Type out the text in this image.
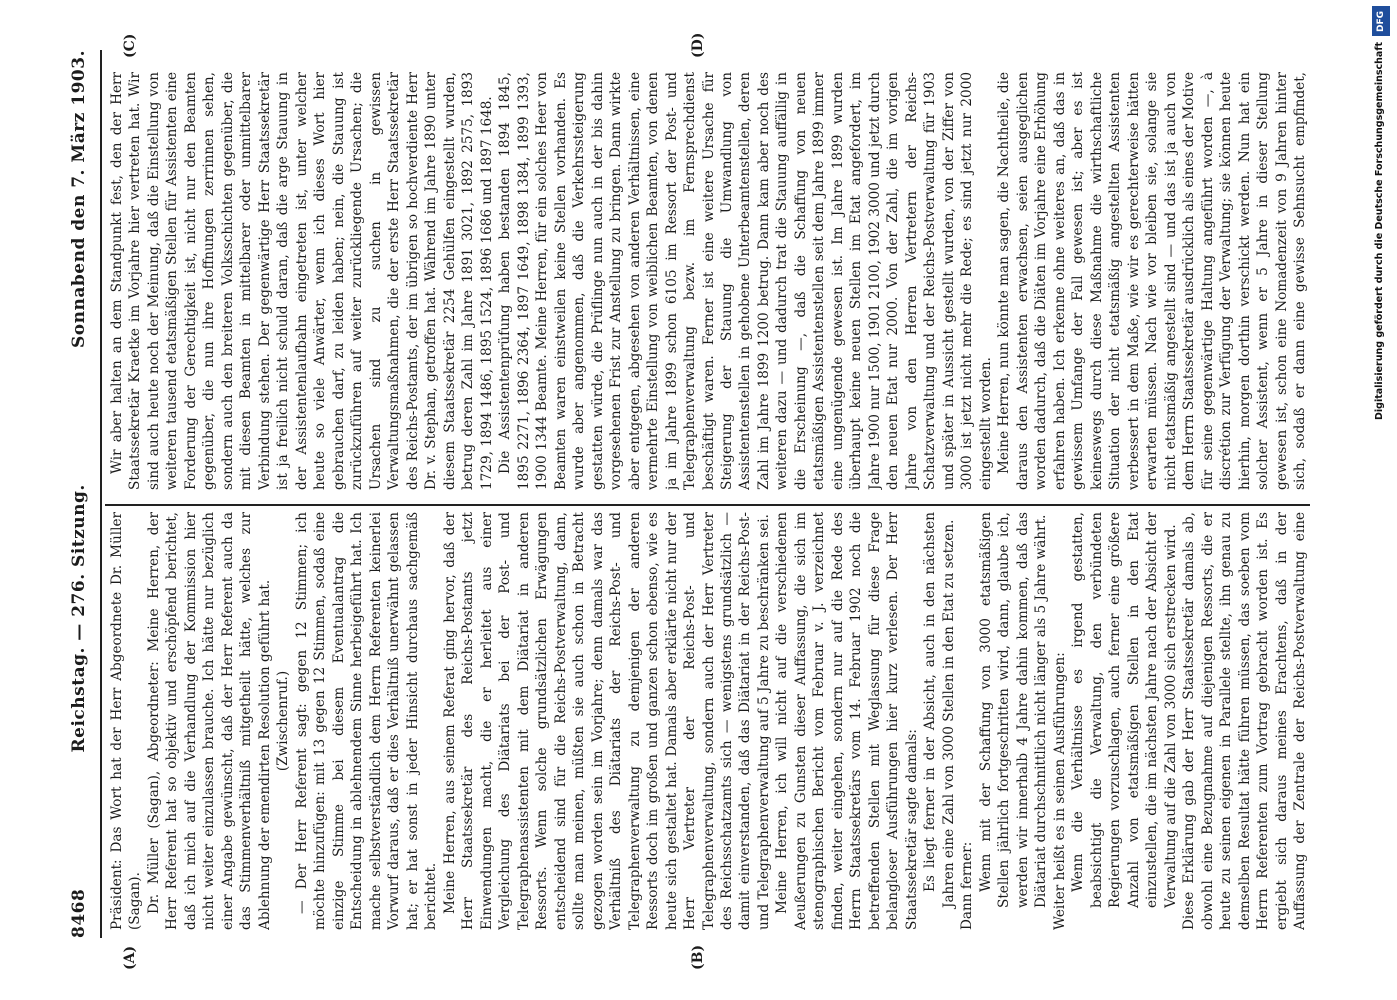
8468
Reichstag. — 276. Sitzung.
Sonnabend den 7. März 1903.
(A)	(B)
(C)	(D)

Präsident: Das Wort hat der Herr Abgeordnete Dr. Müller (Sagan). Dr. Müller (Sagan), Abgeordneter: Meine Herren, der Herr Referent hat so objektiv und erschöpfend berichtet, daß ich mich auf die Verhandlung der Kommission hier nicht weiter einzulassen brauche. Ich hätte nur bezüglich einer Angabe gewünscht, daß der Herr Referent auch da das Stimmenverhältniß mitgetheilt hätte, welches zur Ablehnung der emendirten Resolution geführt hat. (Zwischenruf.) — Der Herr Referent sagt: gegen 12 Stimmen; ich möchte hinzufügen: mit 13 gegen 12 Stimmen, sodaß eine einzige Stimme bei diesem Eventualantrag die Entscheidung in ablehnendem Sinne herbeigeführt hat. Ich mache selbstverständlich dem Herrn Referenten keinerlei Vorwurf daraus, daß er dies Verhältniß unerwähnt gelassen hat; er hat sonst in jeder Hinsicht durchaus sachgemäß berichtet. Meine Herren, aus seinem Referat ging hervor, daß der Herr Staatssekretär des Reichs-Postamts jetzt Einwendungen macht, die er herleitet aus einer Vergleichung des Diätariats bei der Post- und Telegraphenassistenten mit dem Diätariat in anderen Ressorts. Wenn solche grundsätzlichen Erwägungen entscheidend sind für die Reichs-Postverwaltung, dann, sollte man meinen, müßten sie auch schon in Betracht gezogen worden sein im Vorjahre; denn damals war das Verhältniß des Diätariats der Reichs-Post- und Telegraphenverwaltung zu demjenigen der anderen Ressorts doch im großen und ganzen schon ebenso, wie es heute sich gestaltet hat. Damals aber erklärte nicht nur der Herr Vertreter der Reichs-Post- und Telegraphenverwaltung, sondern auch der Herr Vertreter des Reichsschatzamts sich — wenigstens grundsätzlich — damit einverstanden, daß das Diätariat in der Reichs-Post- und Telegraphenverwaltung auf 5 Jahre zu beschränken sei. Meine Herren, ich will nicht auf die verschiedenen Aeußerungen zu Gunsten dieser Auffassung, die sich im stenographischen Bericht vom Februar v. J. verzeichnet finden, weiter eingehen, sondern nur auf die Rede des Herrn Staatssekretärs vom 14. Februar 1902 noch die betreffenden Stellen mit Weglassung für diese Frage belangloser Ausführungen hier kurz verlesen. Der Herr Staatssekretär sagte damals: Es liegt ferner in der Absicht, auch in den nächsten Jahren eine Zahl von 3000 Stellen in den Etat zu setzen. Dann ferner: Wenn mit der Schaffung von 3000 etatsmäßigen Stellen jährlich fortgeschritten wird, dann, glaube ich, werden wir innerhalb 4 Jahre dahin kommen, daß das Diätariat durchschnittlich nicht länger als 5 Jahre währt. Weiter heißt es in seinen Ausführungen: Wenn die Verhältnisse es irgend gestatten, beabsichtigt die Verwaltung, den verbündeten Regierungen vorzuschlagen, auch ferner eine größere Anzahl von etatsmäßigen Stellen in den Etat einzustellen, die im nächsten Jahre nach der Absicht der Verwaltung auf die Zahl von 3000 sich erstrecken wird.

Diese Erklärung gab der Herr Staatssekretär damals ab, obwohl eine Bezugnahme auf diejenigen Ressorts, die er heute zu seinen eigenen in Parallele stellte, ihn genau zu demselben Resultat hätte führen müssen, das soeben vom Herrn Referenten zum Vortrag gebracht worden ist. Es ergiebt sich daraus meines Erachtens, daß in der Auffassung der Zentrale der Reichs-Postverwaltung eine

Wir aber halten an dem Standpunkt fest, den der Herr Staatssekretär Kraetke im Vorjahre hier vertreten hat. Wir sind auch heute noch der Meinung, daß die Einstellung von weiteren tausend etatsmäßigen Stellen für Assistenten eine Forderung der Gerechtigkeit ist, nicht nur den Beamten gegenüber, die nun ihre Hoffnungen zerrinnen sehen, sondern auch den breiteren Volksschichten gegenüber, die mit diesen Beamten in mittelbarer oder unmittelbarer Verbindung stehen. Der gegenwärtige Herr Staatssekretär ist ja freilich nicht schuld daran, daß die arge Stauung in der Assistentenlaufbahn eingetreten ist, unter welcher heute so viele Anwärter, wenn ich dieses Wort hier gebrauchen darf, zu leiden haben; nein, die Stauung ist zurückzuführen auf weiter zurückliegende Ursachen; die Ursachen sind zu suchen in gewissen Verwaltungsmaßnahmen, die der erste Herr Staatssekretär des Reichs-Postamts, der im übrigen so hochverdiente Herr Dr. v. Stephan, getroffen hat. Während im Jahre 1890 unter diesem Staatssekretär 2254 Gehülfen eingestellt wurden, betrug deren Zahl im Jahre 1891 3021, 1892 2575, 1893 1729, 1894 1486, 1895 1524, 1896 1686 und 1897 1648. Die Assistentenprüfung haben bestanden 1894 1845, 1895 2271, 1896 2364, 1897 1649, 1898 1384, 1899 1393, 1900 1344 Beamte. Meine Herren, für ein solches Heer von Beamten waren einstweilen keine Stellen vorhanden. Es wurde aber angenommen, daß die Verkehrssteigerung gestatten würde, die Prüflinge nun auch in der bis dahin vorgesehenen Frist zur Anstellung zu bringen. Dann wirkte aber entgegen, abgesehen von anderen Verhältnissen, eine vermehrte Einstellung von weiblichen Beamten, von denen ja im Jahre 1899 schon 6105 im Ressort der Post- und Telegraphenverwaltung bezw. im Fernsprechdienst beschäftigt waren. Ferner ist eine weitere Ursache für Steigerung der Stauung die Umwandlung von Assistentenstellen in gehobene Unterbeamtenstellen, deren Zahl im Jahre 1899 1200 betrug. Dann kam aber noch des weiteren dazu — und dadurch trat die Stauung auffällig in die Erscheinung —, daß die Schaffung von neuen etatsmäßigen Assistentenstellen seit dem Jahre 1899 immer eine ungenügende gewesen ist. Im Jahre 1899 wurden überhaupt keine neuen Stellen im Etat angefordert, im Jahre 1900 nur 1500, 1901 2100, 1902 3000 und jetzt durch den neuen Etat nur 2000. Von der Zahl, die im vorigen Jahre von den Herren Vertretern der Reichs-Schatzverwaltung und der Reichs-Postverwaltung für 1903 und später in Aussicht gestellt wurden, von der Ziffer von 3000 ist jetzt nicht mehr die Rede; es sind jetzt nur 2000 eingestellt worden. Meine Herren, nun könnte man sagen, die Nachtheile, die daraus den Assistenten erwachsen, seien ausgeglichen worden dadurch, daß die Diäten im Vorjahre eine Erhöhung erfahren haben. Ich erkenne ohne weiteres an, daß das in gewissem Umfange der Fall gewesen ist; aber es ist keineswegs durch diese Maßnahme die wirthschaftliche Situation der nicht etatsmäßig angestellten Assistenten verbessert in dem Maße, wie wir es gerechterweise hätten erwarten müssen. Nach wie vor bleiben sie, solange sie nicht etatsmäßig angestellt sind — und das ist ja auch von dem Herrn Staatssekretär ausdrücklich als eines der Motive für seine gegenwärtige Haltung angeführt worden —, à discrétion zur Verfügung der Verwaltung; sie können heute hierhin, morgen dorthin verschickt werden. Nun hat ein solcher Assistent, wenn er 5 Jahre in dieser Stellung gewesen ist, schon eine Nomadenzeit von 9 Jahren hinter sich, sodaß er dann eine gewisse Sehnsucht empfindet,

DFG
Digitalisierung gefördert durch die Deutsche Forschungsgemeinschaft
